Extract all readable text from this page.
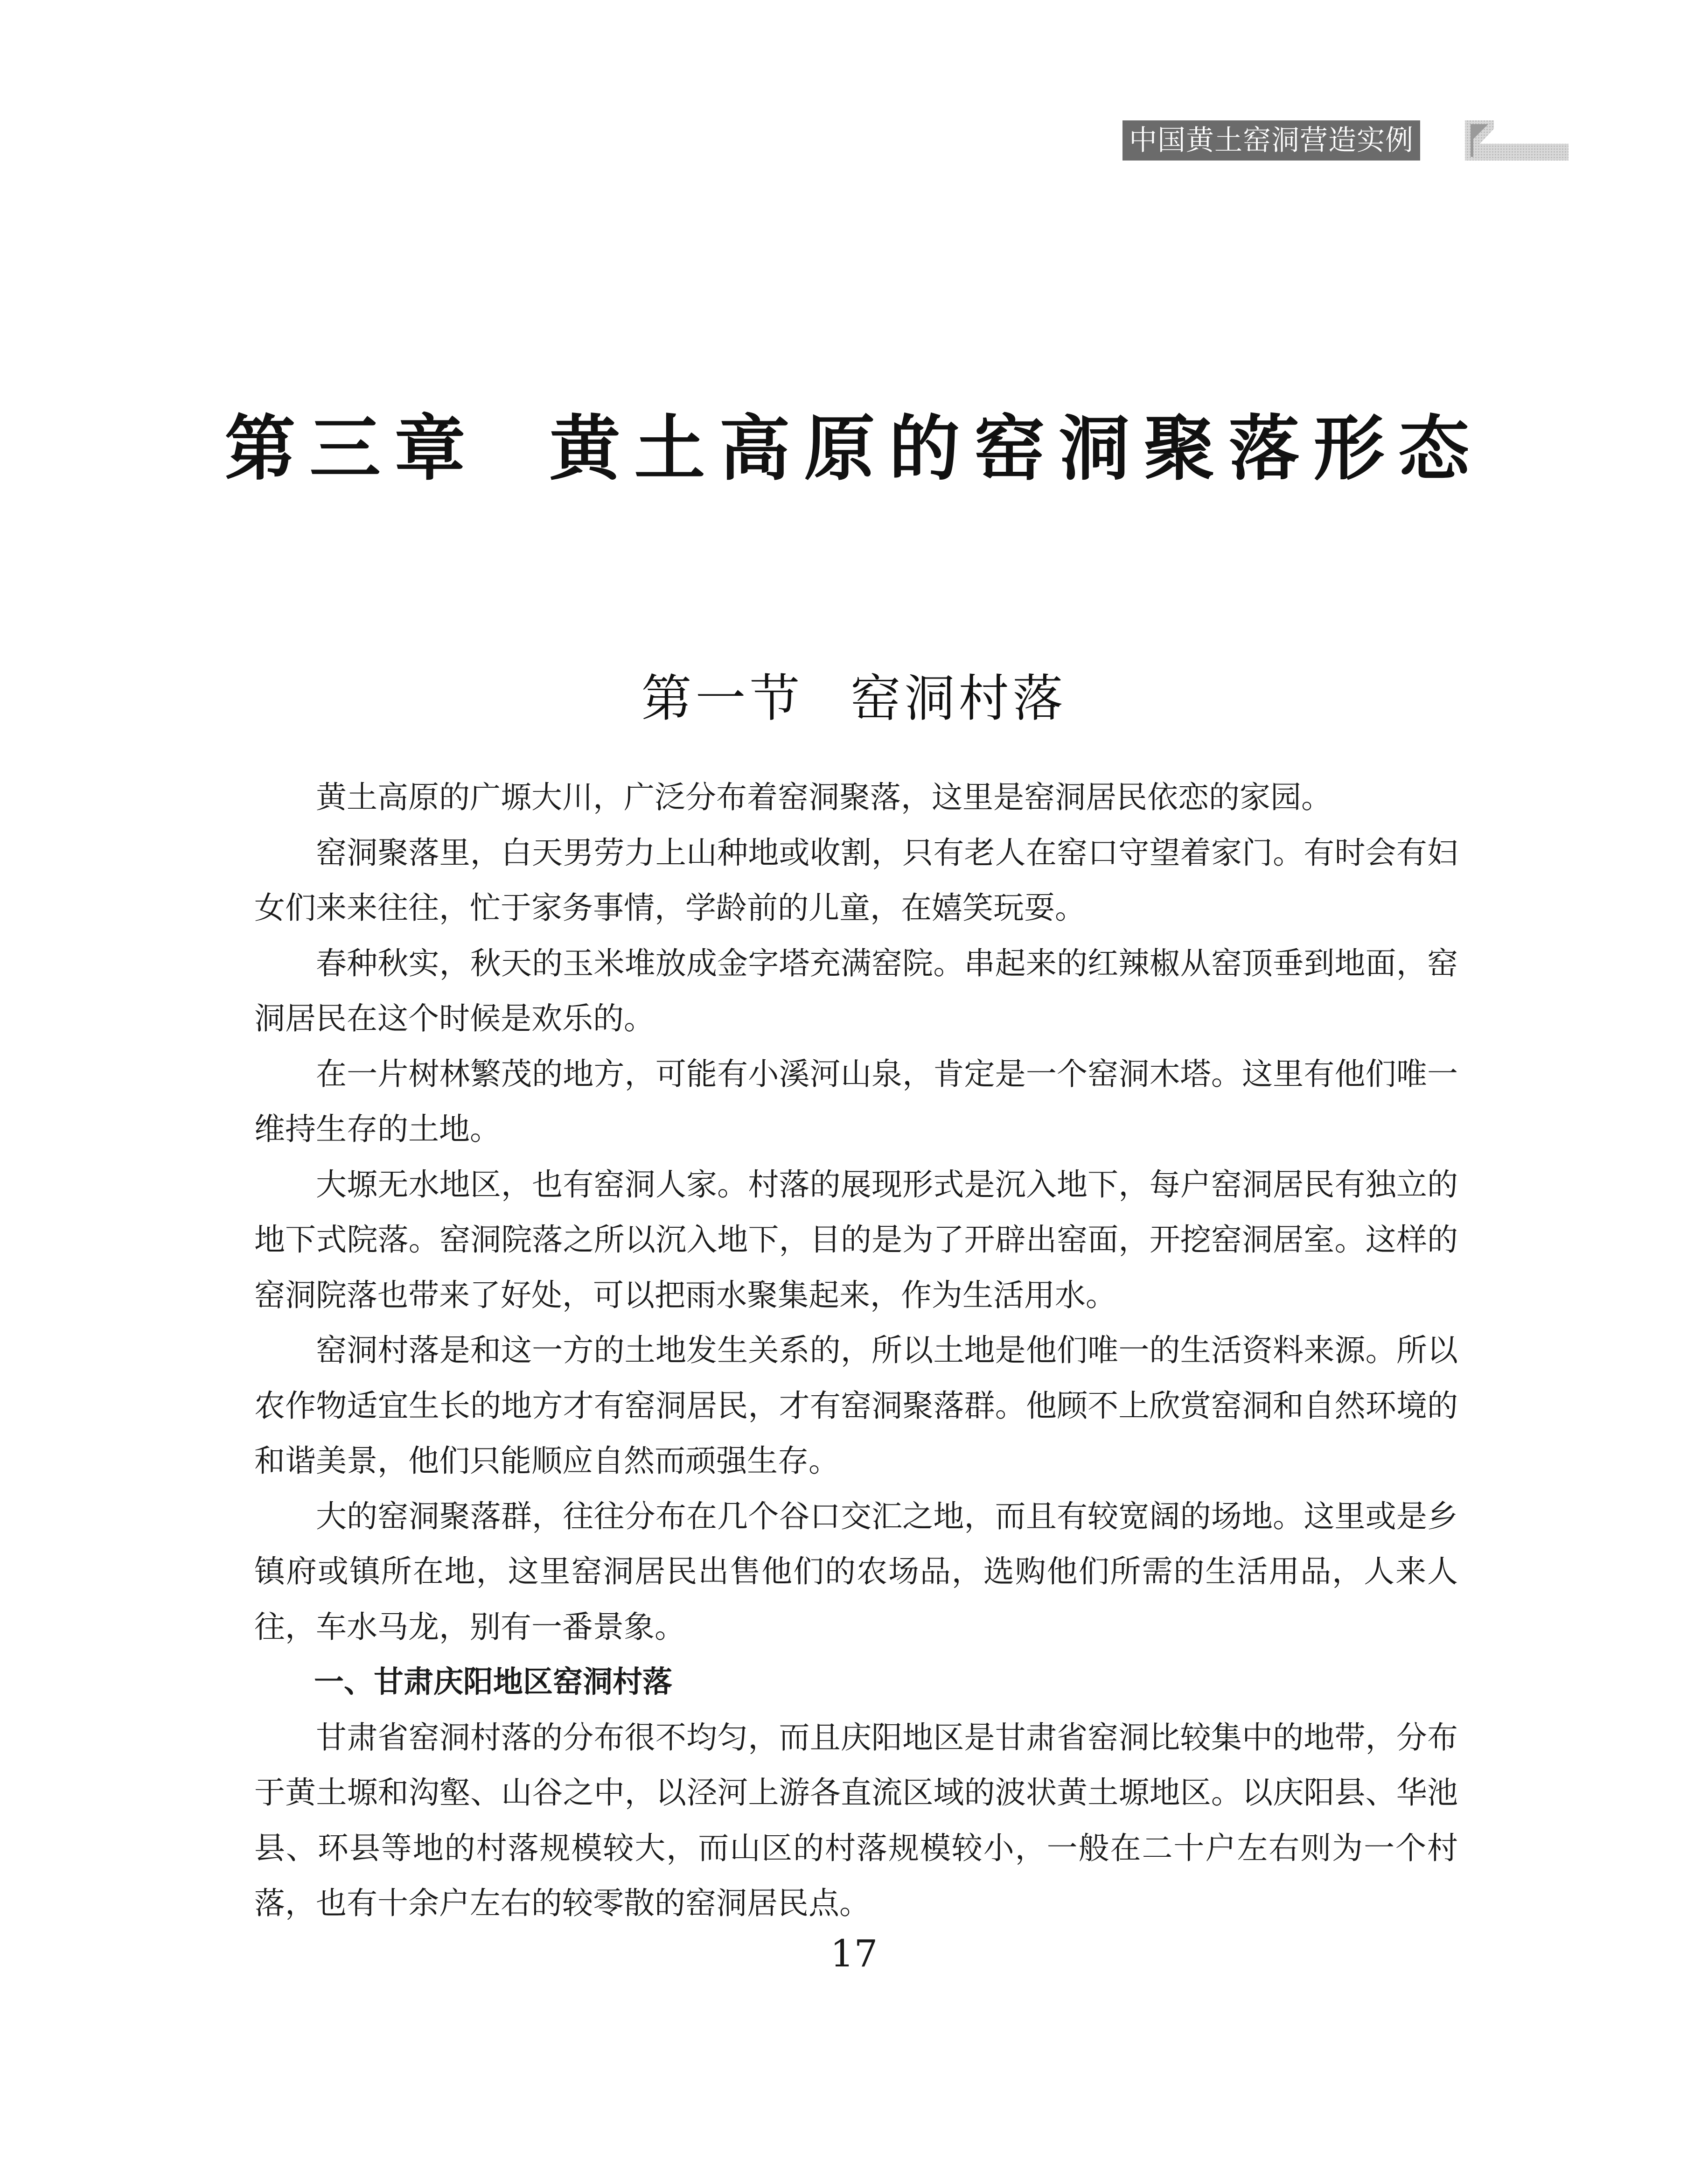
中国黄土窑洞营造实例
第三章 黄土高原的窑洞聚落形态
第一节 窑洞村落

黄土高原的广塬大川，广泛分布着窑洞聚落，这里是窑洞居民依恋的家园。

窑洞聚落里，白天男劳力上山种地或收割，只有老人在窑口守望着家门。有时会有妇女们来来往往，忙于家务事情，学龄前的儿童，在嬉笑玩耍。

春种秋实，秋天的玉米堆放成金字塔充满窑院。串起来的红辣椒从窑顶垂到地面，窑洞居民在这个时候是欢乐的。

在一片树林繁茂的地方，可能有小溪河山泉，肯定是一个窑洞木塔。这里有他们唯一维持生存的土地。

大塬无水地区，也有窑洞人家。村落的展现形式是沉入地下，每户窑洞居民有独立的地下式院落。窑洞院落之所以沉入地下，目的是为了开辟出窑面，开挖窑洞居室。这样的窑洞院落也带来了好处，可以把雨水聚集起来，作为生活用水。

窑洞村落是和这一方的土地发生关系的，所以土地是他们唯一的生活资料来源。所以农作物适宜生长的地方才有窑洞居民，才有窑洞聚落群。他顾不上欣赏窑洞和自然环境的和谐美景，他们只能顺应自然而顽强生存。

大的窑洞聚落群，往往分布在几个谷口交汇之地，而且有较宽阔的场地。这里或是乡镇府或镇所在地，这里窑洞居民出售他们的农场品，选购他们所需的生活用品，人来人往，车水马龙，别有一番景象。

一、甘肃庆阳地区窑洞村落

甘肃省窑洞村落的分布很不均匀，而且庆阳地区是甘肃省窑洞比较集中的地带，分布于黄土塬和沟壑、山谷之中，以泾河上游各直流区域的波状黄土塬地区。以庆阳县、华池县、环县等地的村落规模较大，而山区的村落规模较小，一般在二十户左右则为一个村落，也有十余户左右的较零散的窑洞居民点。

17
